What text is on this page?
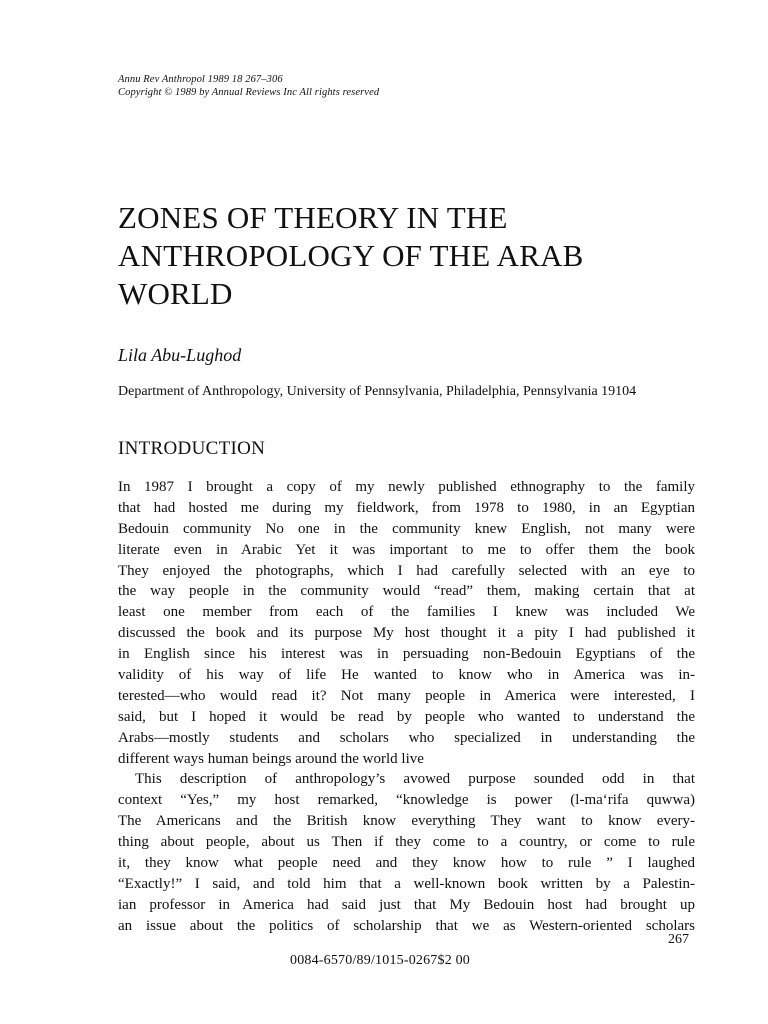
Annu Rev Anthropol 1989 18 267–306
Copyright © 1989 by Annual Reviews Inc All rights reserved
ZONES OF THEORY IN THE
ANTHROPOLOGY OF THE ARAB
WORLD
Lila Abu-Lughod
Department of Anthropology, University of Pennsylvania, Philadelphia, Pennsylvania 19104
INTRODUCTION
In 1987 I brought a copy of my newly published ethnography to the family
that had hosted me during my fieldwork, from 1978 to 1980, in an Egyptian
Bedouin community No one in the community knew English, not many were
literate even in Arabic Yet it was important to me to offer them the book
They enjoyed the photographs, which I had carefully selected with an eye to
the way people in the community would “read” them, making certain that at
least one member from each of the families I knew was included We
discussed the book and its purpose My host thought it a pity I had published it
in English since his interest was in persuading non-Bedouin Egyptians of the
validity of his way of life He wanted to know who in America was in-
terested—who would read it? Not many people in America were interested, I
said, but I hoped it would be read by people who wanted to understand the
Arabs—mostly students and scholars who specialized in understanding the
different ways human beings around the world live
This description of anthropology’s avowed purpose sounded odd in that
context “Yes,” my host remarked, “knowledge is power (l-ma‘rifa quwwa)
The Americans and the British know everything They want to know every-
thing about people, about us Then if they come to a country, or come to rule
it, they know what people need and they know how to rule ” I laughed
“Exactly!” I said, and told him that a well-known book written by a Palestin-
ian professor in America had said just that My Bedouin host had brought up
an issue about the politics of scholarship that we as Western-oriented scholars
267
0084-6570/89/1015-0267$2 00
